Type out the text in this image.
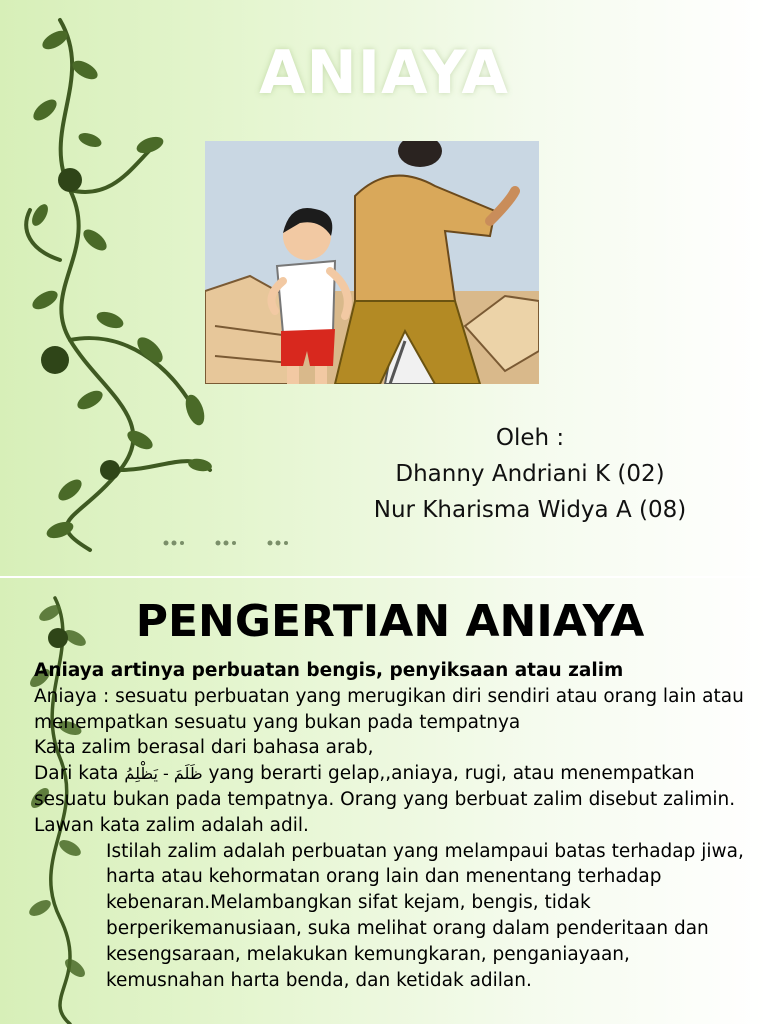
ANIAYA
Oleh :
Dhanny Andriani K (02)
Nur Kharisma Widya A (08)
PENGERTIAN ANIAYA

Aniaya artinya perbuatan bengis, penyiksaan atau zalim

Aniaya : sesuatu perbuatan yang merugikan diri sendiri atau orang lain atau menempatkan sesuatu yang bukan pada tempatnya

Kata zalim berasal dari bahasa arab,

Dari kata ظَلَمَ - يَظْلِمُ yang berarti gelap,,aniaya, rugi, atau menempatkan sesuatu bukan pada tempatnya. Orang yang berbuat zalim disebut zalimin. Lawan kata zalim adalah adil.

Istilah zalim adalah perbuatan yang melampaui batas terhadap jiwa, harta atau kehormatan orang lain dan menentang terhadap kebenaran.Melambangkan sifat kejam, bengis, tidak berperikemanusiaan, suka melihat orang dalam penderitaan dan kesengsaraan, melakukan kemungkaran, penganiayaan, kemusnahan harta benda, dan ketidak adilan.
